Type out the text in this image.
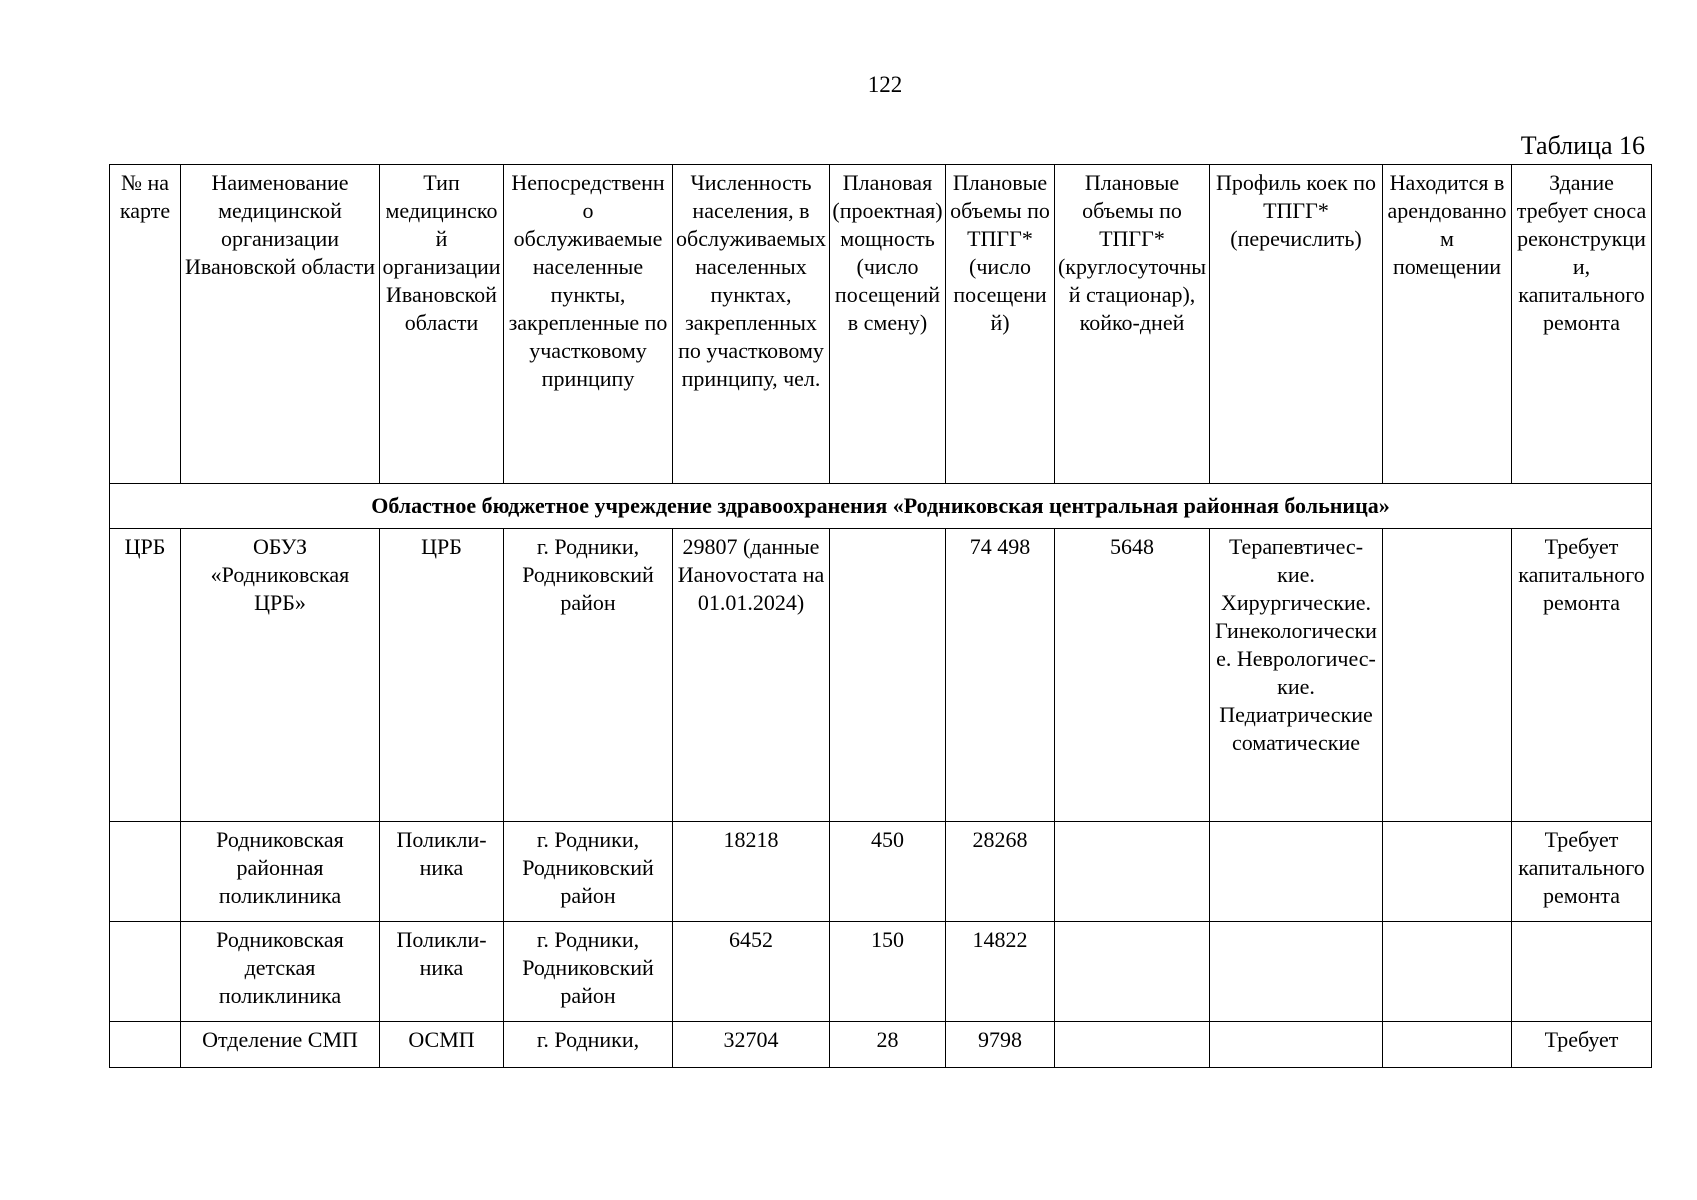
122
Таблица 16
№ на карте	Наименование медицинской организации Ивановской области	Тип медицинской организации Ивановской области	Непосредственно обслуживаемые населенные пункты, закрепленные по участковому принципу	Численность населения, в обслуживаемых населенных пунктах, закрепленных по участковому принципу, чел.	Плановая (проектная) мощность (число посещений в смену)	Плановые объемы по ТПГГ* (число посещений)	Плановые объемы по ТПГГ* (круглосуточный стационар), койко-дней	Профиль коек по ТПГГ* (перечислить)	Находится в арендованном помещении	Здание требует сноса реконструкции, капитального ремонта
Областное бюджетное учреждение здравоохранения «Родниковская центральная районная больница»										
ЦРБ	ОБУЗ «Родниковская ЦРБ»	ЦРБ	г. Родники, Родниковский район	29807 (данные Ианovостата на 01.01.2024)		74 498	5648	Терапевтичес-кие. Хирургические. Гинекологические. Неврологичес-кие. Педиатрические соматические		Требует капитального ремонта
	Родниковская районная поликлиника	Поликли-ника	г. Родники, Родниковский район	18218	450	28268				Требует капитального ремонта
	Родниковская детская поликлиника	Поликли-ника	г. Родники, Родниковский район	6452	150	14822				
	Отделение СМП	ОСМП	г. Родники,	32704	28	9798				Требует
